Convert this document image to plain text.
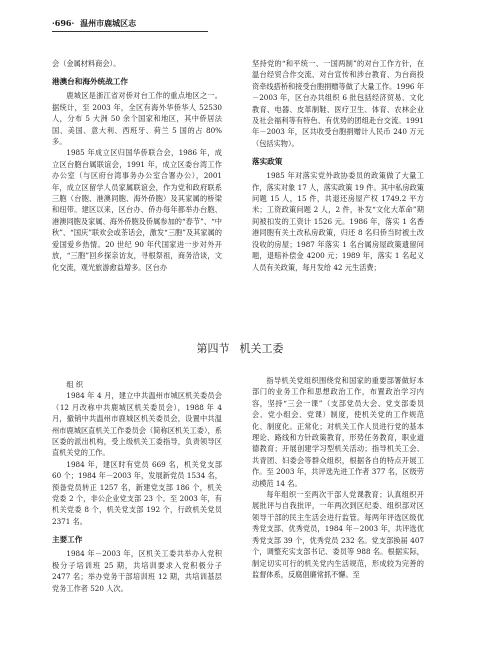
·696· 温州市鹿城区志

会（金属材料商会）。

港澳台和海外统战工作

鹿城区是浙江省对侨对台工作的重点地区之一。据统计，至 2003 年，全区有海外华侨华人 52530 人，分布 5 大洲 50 余个国家和地区，其中侨居法国、美国、意大利、西班牙、荷兰 5 国的占 80% 多。

1985 年成立区归国华侨联合会，1986 年，成立区台胞台属联谊会，1991 年，成立区委台湾工作办公室（与区府台湾事务办公室合署办公），2001 年，成立区留学人员家属联谊会，作为党和政府联系三胞（台胞、港澳同胞、海外侨胞）及其家属的桥梁和纽带。建区以来，区台办、侨办每年都举办台胞、港澳同胞及家属、海外侨胞及侨属参加的“春节”、“中秋”、“国庆”联欢会或茶话会，激发“三胞”及其家属的爱国爱乡热情。20 世纪 90 年代国家进一步对外开放，“三胞”回乡探亲访友，寻根祭祖，商务洽谈，文化交流，观光旅游愈益增多。区台办

坚持党的“和平统一、一国两制”的对台工作方针，在温台经贸合作交流、对台宣传和涉台教育、为台商投资牵线搭桥和接受台胞捐赠等做了大量工作。1996 年－2003 年，区台办共组织 6 批包括经济贸易、文化教育、电器、皮革制鞋、医疗卫生、体育、农林企业及社会福利等有特色、有优势的团组赴台交流。1991 年－2003 年，区共收受台胞捐赠计人民币 240 万元（包括实物）。

落实政策

1985 年对落实党外政协委员的政策做了大量工作，落实对象 17 人，落实政策 19 件。其中私房政策问题 15 人，15 件，共退还房屋产权 1749.2 平方米；工资政策问题 2 人，2 件，补发“文化大革命”期间被扣发的工资计 1526 元。1986 年，落实 1 名香港同胞有关土改私房政策，归还 8 名归侨当时被土改没收的房屋；1987 年落实 1 名台属房屋政策遗留问题，退赔补偿金 4200 元；1989 年，落实 1 名起义人员有关政策，每月发给 42 元生活费；

第四节 机关工委

组 织

1984 年 4 月，建立中共温州市城区机关委员会（12 月改称中共鹿城区机关委员会），1988 年 4 月，撤销中共温州市鹿城区机关委员会，设置中共温州市鹿城区直机关工作委员会（简称区机关工委），系区委的派出机构，受上级机关工委指导，负责领导区直机关党的工作。

1984 年，建区时有党员 669 名，机关党支部 60 个；1984 年－2003 年，发展新党员 1534 名，预备党员转正 1257 名，新建党支部 186 个，机关党委 2 个，非公企业党支部 23 个。至 2003 年，有机关党委 8 个，机关党支部 192 个，行政机关党员 2371 名。

主要工作

1984 年－2003 年，区机关工委共举办入党积极分子培训班 25 期，共培训要求入党积极分子 2477 名；举办党务干部培训班 12 期，共培训基层党务工作者 520 人次。

指导机关党组织围绕党和国家的重要部署做好本部门的业务工作和思想政治工作，布置政治学习内容，坚持“三会一课”（支部党员大会、党支部委员会、党小组会、党课）制度，使机关党的工作规范化、制度化。正常化；对机关工作人员进行党的基本理论、路线和方针政策教育，形势任务教育，职业道德教育；开展创建学习型机关活动；指导机关工会、共青团、妇委会等群众组织，根据各自的特点开展工作。至 2003 年，共评选先进工作者 377 名，区级劳动模范 14 名。

每年组织一至两次干部人党课教育；认真组织开展批评与自我批评，一年两次到区纪委、组织部对区领导干部的民主生活会进行监管。每两年评选区级优秀党支部、优秀党员，1984 年－2003 年，共评选优秀党支部 39 个，优秀党员 232 名。党支部换届 407 个，调整充实支部书记、委员等 988 名。根据实际，制定切实可行的机关党内生活规范，形成较为完善的监督体系，反腐倡廉常抓不懈。至
